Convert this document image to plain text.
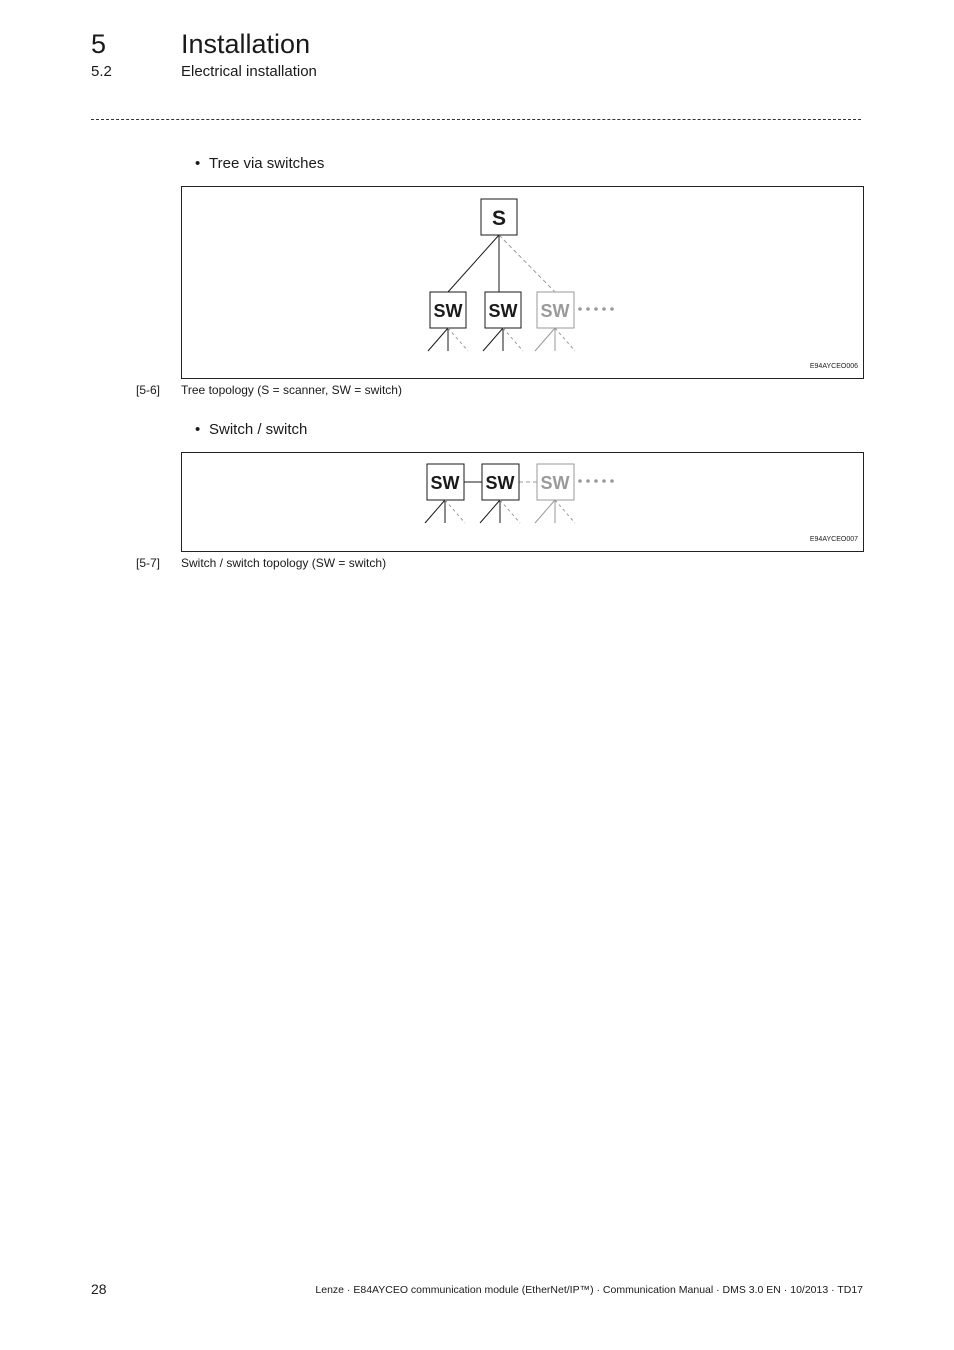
5	Installation
5.2	Electrical installation
• Tree via switches
S
SW SW SW
E94AYCEO006
[5-6] Tree topology (S = scanner, SW = switch)
• Switch / switch
SW SW SW
E94AYCEO007
[5-7] Switch / switch topology (SW = switch)
28	Lenze · E84AYCEO communication module (EtherNet/IP™) · Communication Manual · DMS 3.0 EN · 10/2013 · TD17
